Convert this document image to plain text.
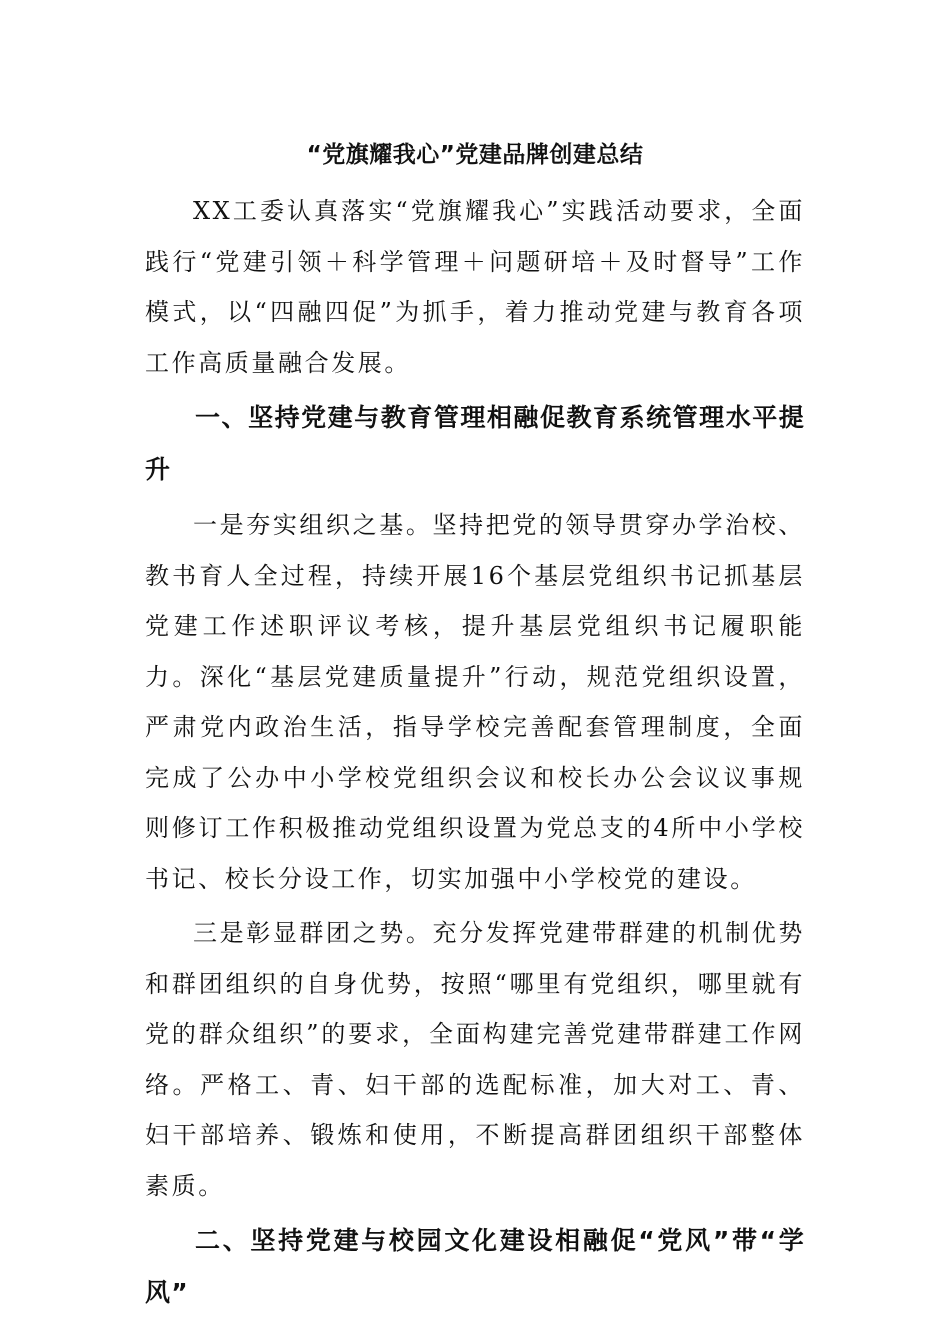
“党旗耀我心”党建品牌创建总结

XX工委认真落实“党旗耀我心”实践活动要求，全面践行“党建引领＋科学管理＋问题研培＋及时督导”工作模式，以“四融四促”为抓手，着力推动党建与教育各项工作高质量融合发展。

一、坚持党建与教育管理相融促教育系统管理水平提升

一是夯实组织之基。坚持把党的领导贯穿办学治校、教书育人全过程，持续开展16个基层党组织书记抓基层党建工作述职评议考核，提升基层党组织书记履职能力。深化“基层党建质量提升”行动，规范党组织设置，严肃党内政治生活，指导学校完善配套管理制度，全面完成了公办中小学校党组织会议和校长办公会议议事规则修订工作积极推动党组织设置为党总支的4所中小学校书记、校长分设工作，切实加强中小学校党的建设。

三是彰显群团之势。充分发挥党建带群建的机制优势和群团组织的自身优势，按照“哪里有党组织，哪里就有党的群众组织”的要求，全面构建完善党建带群建工作网络。严格工、青、妇干部的选配标准，加大对工、青、妇干部培养、锻炼和使用，不断提高群团组织干部整体素质。

二、坚持党建与校园文化建设相融促“党风”带“学风”
